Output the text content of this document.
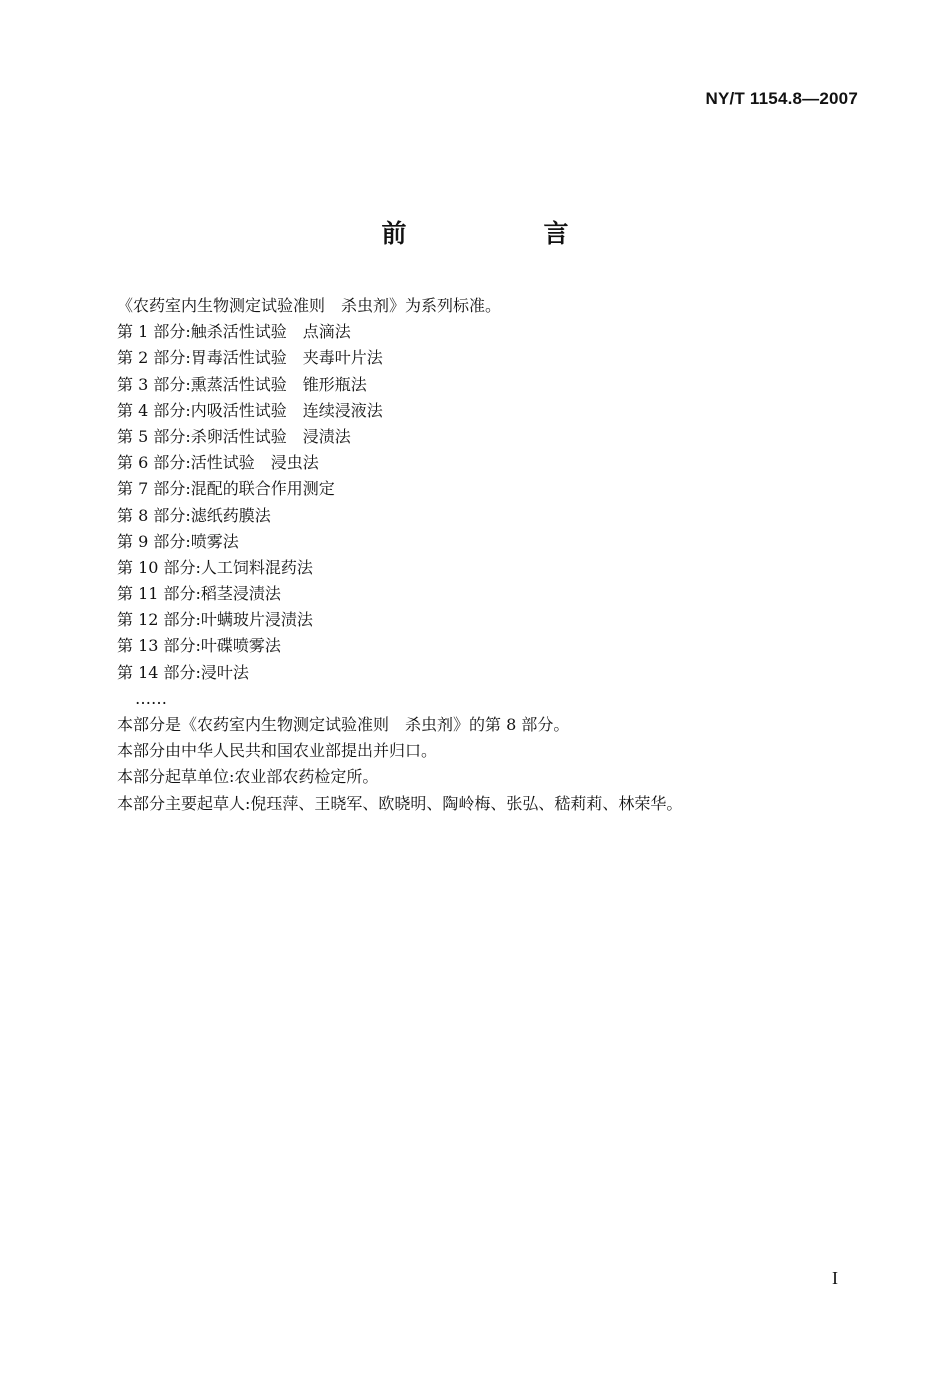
NY/T 1154.8—2007
前　言
《农药室内生物测定试验准则　杀虫剂》为系列标准。
第 1 部分:触杀活性试验　点滴法
第 2 部分:胃毒活性试验　夹毒叶片法
第 3 部分:熏蒸活性试验　锥形瓶法
第 4 部分:内吸活性试验　连续浸液法
第 5 部分:杀卵活性试验　浸渍法
第 6 部分:活性试验　浸虫法
第 7 部分:混配的联合作用测定
第 8 部分:滤纸药膜法
第 9 部分:喷雾法
第 10 部分:人工饲料混药法
第 11 部分:稻茎浸渍法
第 12 部分:叶螨玻片浸渍法
第 13 部分:叶碟喷雾法
第 14 部分:浸叶法
……
本部分是《农药室内生物测定试验准则　杀虫剂》的第 8 部分。
本部分由中华人民共和国农业部提出并归口。
本部分起草单位:农业部农药检定所。
本部分主要起草人:倪珏萍、王晓军、欧晓明、陶岭梅、张弘、嵇莉莉、林荣华。
I
